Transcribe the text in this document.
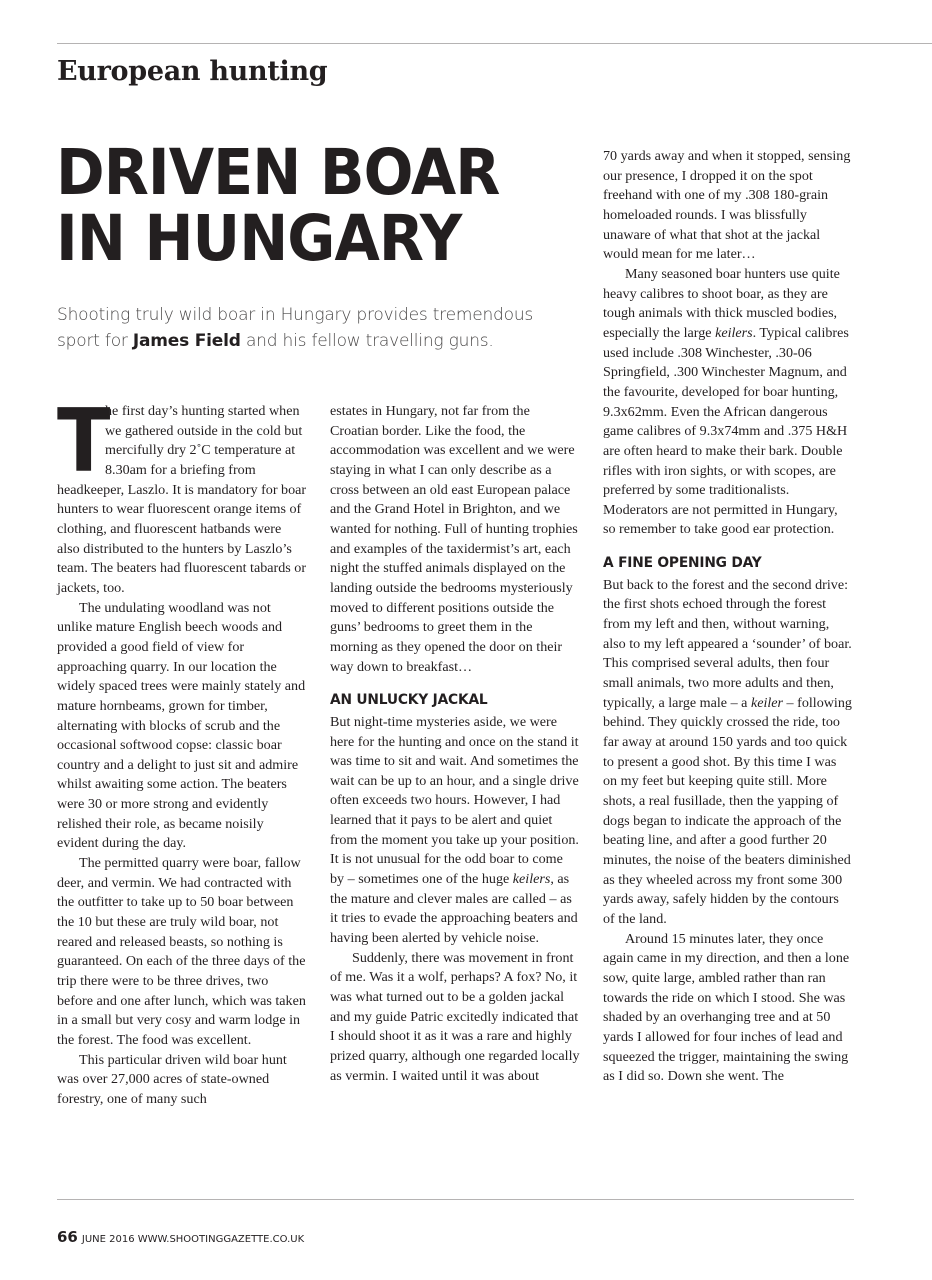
European hunting
DRIVEN BOAR
IN HUNGARY

Shooting truly wild boar in Hungary provides tremendous sport for James Field and his fellow travelling guns.

T
he first day’s hunting started when we gathered outside in the cold but mercifully dry 2˚C temperature at 8.30am for a briefing from headkeeper, Laszlo. It is mandatory for boar hunters to wear fluorescent orange items of clothing, and fluorescent hatbands were also distributed to the hunters by Laszlo’s team. The beaters had fluorescent tabards or jackets, too.

The undulating woodland was not unlike mature English beech woods and provided a good field of view for approaching quarry. In our location the widely spaced trees were mainly stately and mature hornbeams, grown for timber, alternating with blocks of scrub and the occasional softwood copse: classic boar country and a delight to just sit and admire whilst awaiting some action. The beaters were 30 or more strong and evidently relished their role, as became noisily evident during the day.

The permitted quarry were boar, fallow deer, and vermin. We had contracted with the outfitter to take up to 50 boar between the 10 but these are truly wild boar, not reared and released beasts, so nothing is guaranteed. On each of the three days of the trip there were to be three drives, two before and one after lunch, which was taken in a small but very cosy and warm lodge in the forest. The food was excellent.

This particular driven wild boar hunt was over 27,000 acres of state-owned forestry, one of many such

estates in Hungary, not far from the Croatian border. Like the food, the accommodation was excellent and we were staying in what I can only describe as a cross between an old east European palace and the Grand Hotel in Brighton, and we wanted for nothing. Full of hunting trophies and examples of the taxidermist’s art, each night the stuffed animals displayed on the landing outside the bedrooms mysteriously moved to different positions outside the guns’ bedrooms to greet them in the morning as they opened the door on their way down to breakfast…

AN UNLUCKY JACKAL

But night-time mysteries aside, we were here for the hunting and once on the stand it was time to sit and wait. And sometimes the wait can be up to an hour, and a single drive often exceeds two hours. However, I had learned that it pays to be alert and quiet from the moment you take up your position. It is not unusual for the odd boar to come by – sometimes one of the huge keilers, as the mature and clever males are called – as it tries to evade the approaching beaters and having been alerted by vehicle noise.

Suddenly, there was movement in front of me. Was it a wolf, perhaps? A fox? No, it was what turned out to be a golden jackal and my guide Patric excitedly indicated that I should shoot it as it was a rare and highly prized quarry, although one regarded locally as vermin. I waited until it was about

70 yards away and when it stopped, sensing our presence, I dropped it on the spot freehand with one of my .308 180-grain homeloaded rounds. I was blissfully unaware of what that shot at the jackal would mean for me later…

Many seasoned boar hunters use quite heavy calibres to shoot boar, as they are tough animals with thick muscled bodies, especially the large keilers. Typical calibres used include .308 Winchester, .30-06 Springfield, .300 Winchester Magnum, and the favourite, developed for boar hunting, 9.3x62mm. Even the African dangerous game calibres of 9.3x74mm and .375 H&H are often heard to make their bark. Double rifles with iron sights, or with scopes, are preferred by some traditionalists. Moderators are not permitted in Hungary, so remember to take good ear protection.

A FINE OPENING DAY

But back to the forest and the second drive: the first shots echoed through the forest from my left and then, without warning, also to my left appeared a ‘sounder’ of boar. This comprised several adults, then four small animals, two more adults and then, typically, a large male – a keiler – following behind. They quickly crossed the ride, too far away at around 150 yards and too quick to present a good shot. By this time I was on my feet but keeping quite still. More shots, a real fusillade, then the yapping of dogs began to indicate the approach of the beating line, and after a good further 20 minutes, the noise of the beaters diminished as they wheeled across my front some 300 yards away, safely hidden by the contours of the land.

Around 15 minutes later, they once again came in my direction, and then a lone sow, quite large, ambled rather than ran towards the ride on which I stood. She was shaded by an overhanging tree and at 50 yards I allowed for four inches of lead and squeezed the trigger, maintaining the swing as I did so. Down she went. The

66 JUNE 2016 WWW.SHOOTINGGAZETTE.CO.UK
